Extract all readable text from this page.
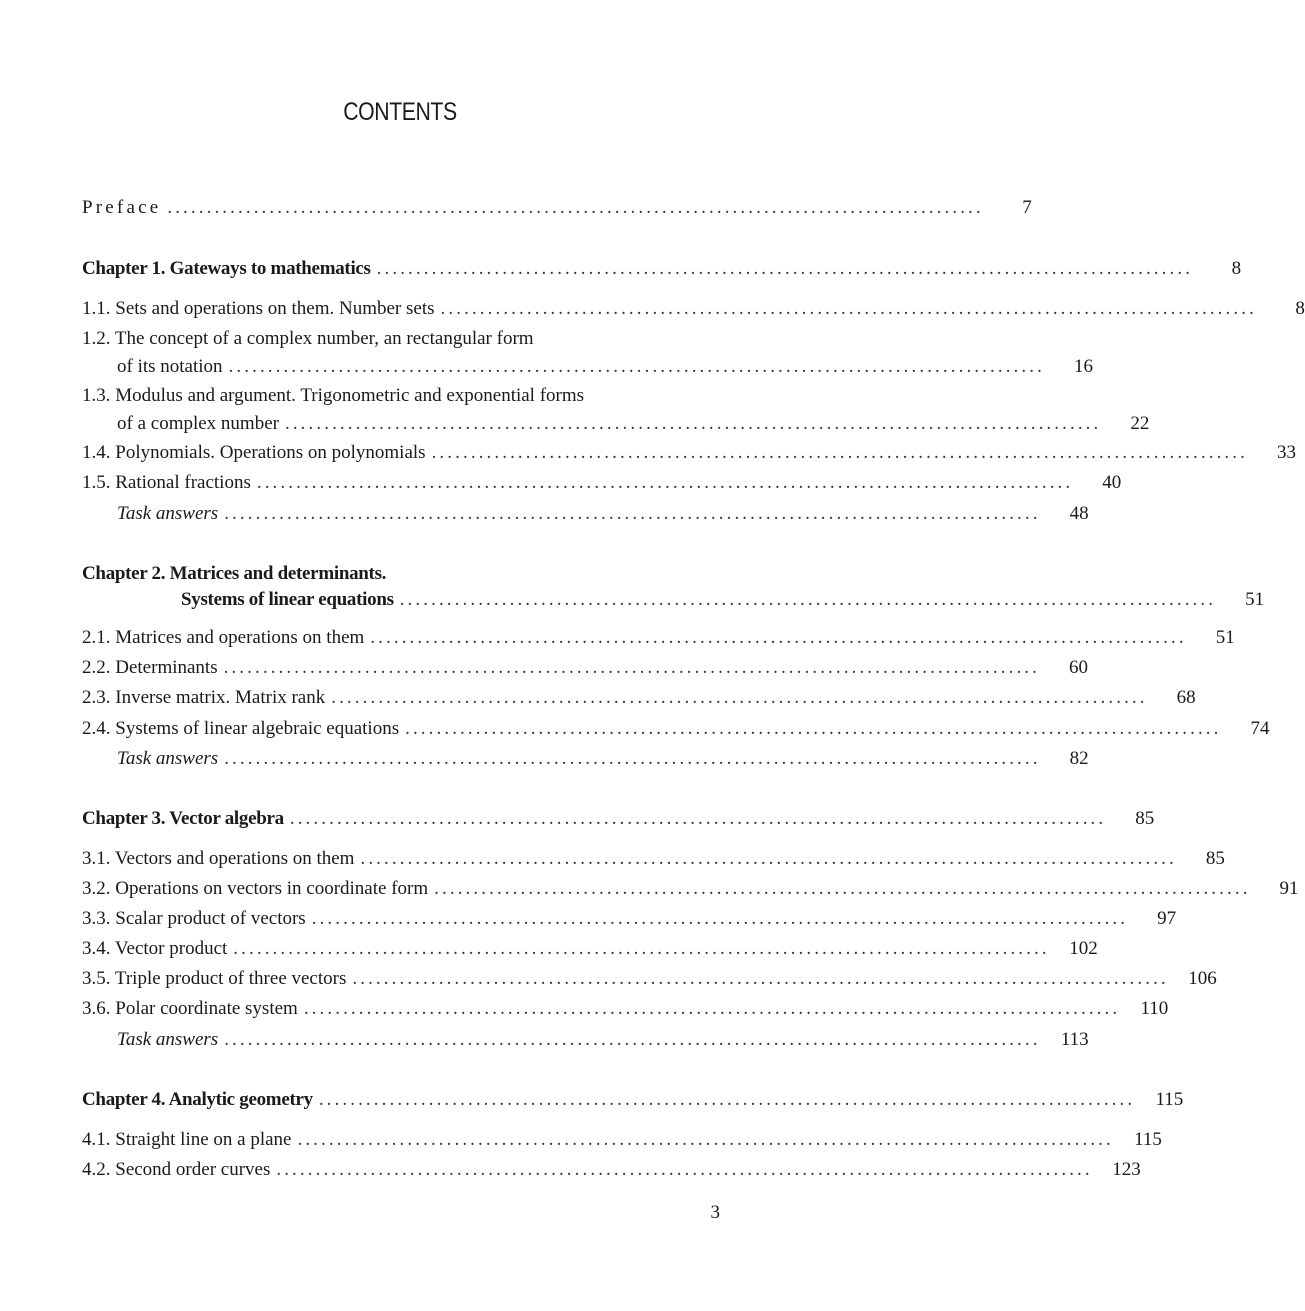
CONTENTS
Preface ........................................................................................................	7
Chapter 1. Gateways to mathematics ........................................................................................................	8
1.1. Sets and operations on them. Number sets ........................................................................................................	8

1.2. The concept of a complex number, an rectangular form

of its notation ........................................................................................................	16

1.3. Modulus and argument. Trigonometric and exponential forms

of a complex number ........................................................................................................	22
1.4. Polynomials. Operations on polynomials ........................................................................................................	33
1.5. Rational fractions ........................................................................................................	40
Task answers ........................................................................................................	48

Chapter 2. Matrices and determinants.

Systems of linear equations ........................................................................................................	51
2.1. Matrices and operations on them ........................................................................................................	51
2.2. Determinants ........................................................................................................	60
2.3. Inverse matrix. Matrix rank ........................................................................................................	68
2.4. Systems of linear algebraic equations ........................................................................................................	74
Task answers ........................................................................................................	82
Chapter 3. Vector algebra ........................................................................................................	85
3.1. Vectors and operations on them ........................................................................................................	85
3.2. Operations on vectors in coordinate form ........................................................................................................	91
3.3. Scalar product of vectors ........................................................................................................	97
3.4. Vector product ........................................................................................................	102
3.5. Triple product of three vectors ........................................................................................................	106
3.6. Polar coordinate system ........................................................................................................	110
Task answers ........................................................................................................	113
Chapter 4. Analytic geometry ........................................................................................................	115
4.1. Straight line on a plane ........................................................................................................	115
4.2. Second order curves ........................................................................................................	123
3
